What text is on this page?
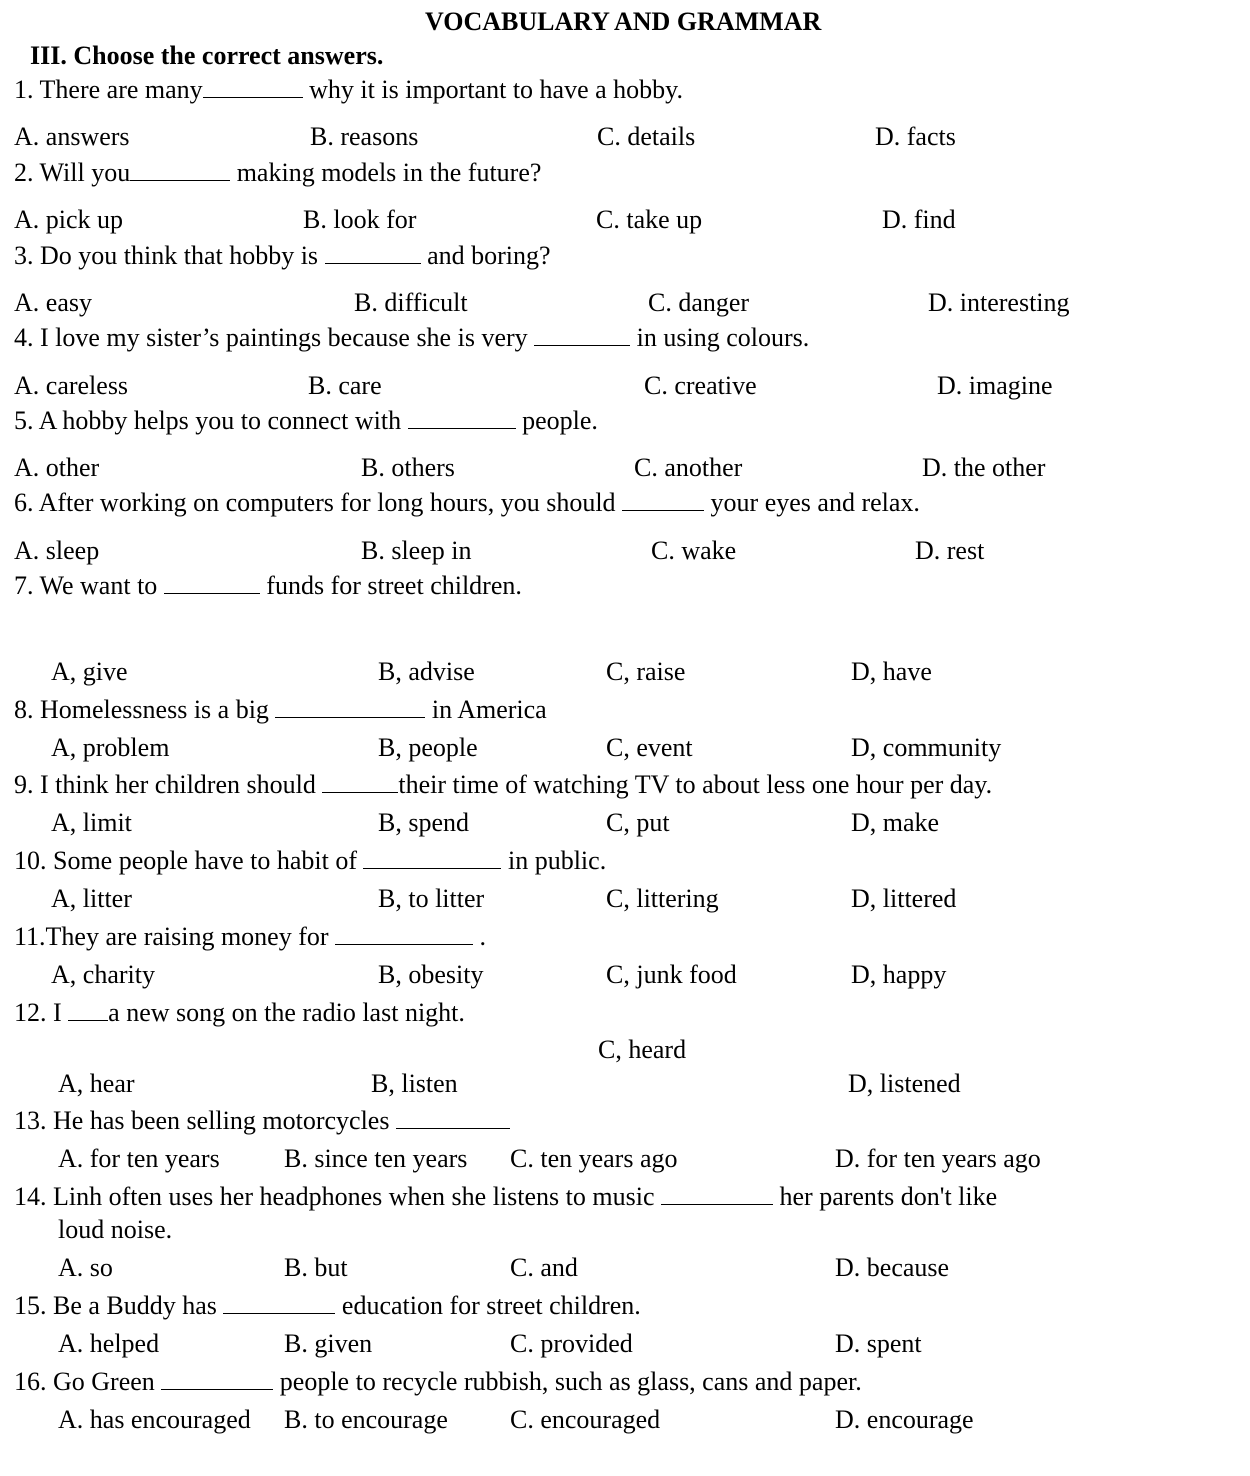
VOCABULARY AND GRAMMAR
III. Choose the correct answers.
1. There are many	why it is important to have a hobby.
A. answers	B. reasons	C. details	D. facts
2. Will you	making models in the future?
A. pick up	B. look for	C. take up	D. find
3. Do you think that hobby is	and boring?
A. easy	B. difficult	C. danger	D. interesting
4. I love my sister’s paintings because she is very	in using colours.
A. careless	B. care	C. creative	D. imagine
5. A hobby helps you to connect with	people.
A. other	B. others	C. another	D. the other
6. After working on computers for long hours, you should	your eyes and relax.
A. sleep	B. sleep in	C. wake	D. rest
7. We want to	funds for street children.
A, give	B, advise	C, raise	D, have
8. Homelessness is a big	in America
A, problem	B, people	C, event	D, community
9. I think her children should	their time of watching TV to about less one hour per day.
A, limit	B, spend	C, put	D, make
10. Some people have to habit of	in public.
A, litter	B, to litter	C, littering	D, littered
11.They are raising money for	.
A, charity	B, obesity	C, junk food	D, happy
12. I a new song on the radio last night.
C, heard
A, hear	B, listen	D, listened
13. He has been selling motorcycles
A. for ten years B. since ten years C. ten years ago	D. for ten years ago
14. Linh often uses her headphones when she listens to music	her parents don't like
loud noise.
A. so	B. but	C. and	D. because
15. Be a Buddy has	education for street children.
A. helped	B. given	C. provided	D. spent
16. Go Green	people to recycle rubbish, such as glass, cans and paper.
A. has encouraged B. to encourage C. encouraged	D. encourage
